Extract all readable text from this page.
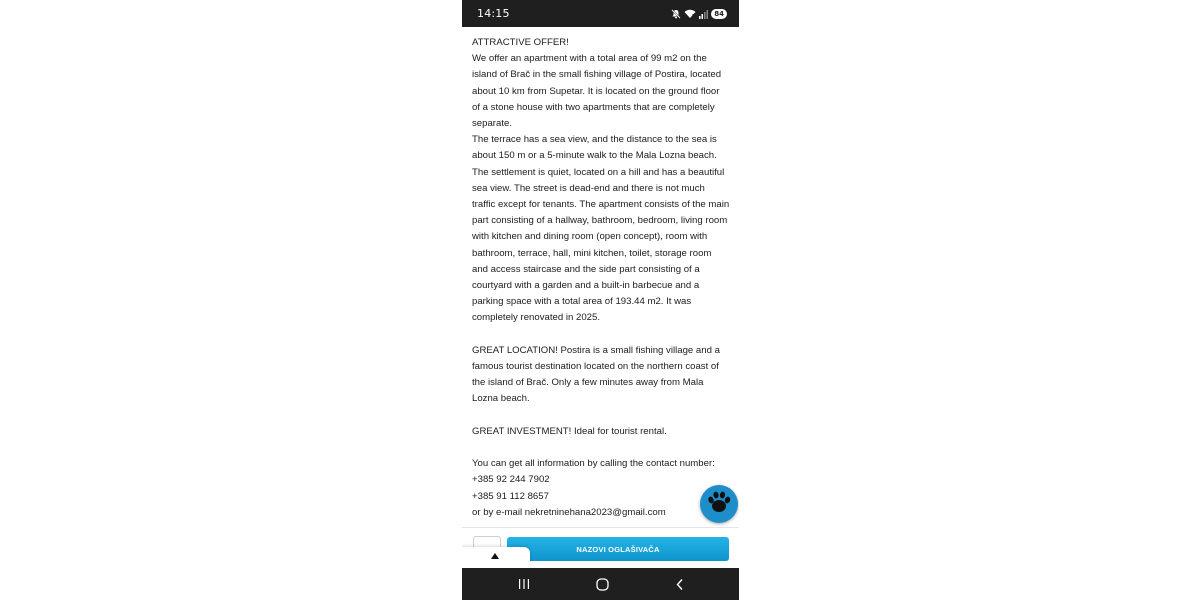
14:15	84

ATTRACTIVE OFFER!
We offer an apartment with a total area of 99 m2 on the island of Brač in the small fishing village of Postira, located about 10 km from Supetar. It is located on the ground floor of a stone house with two apartments that are completely separate.
The terrace has a sea view, and the distance to the sea is about 150 m or a 5-minute walk to the Mala Lozna beach. The settlement is quiet, located on a hill and has a beautiful sea view. The street is dead-end and there is not much traffic except for tenants. The apartment consists of the main part consisting of a hallway, bathroom, bedroom, living room with kitchen and dining room (open concept), room with bathroom, terrace, hall, mini kitchen, toilet, storage room and access staircase and the side part consisting of a courtyard with a garden and a built-in barbecue and a parking space with a total area of 193.44 m2. It was completely renovated in 2025.

GREAT LOCATION! Postira is a small fishing village and a famous tourist destination located on the northern coast of the island of Brač. Only a few minutes away from Mala Lozna beach.

GREAT INVESTMENT! Ideal for tourist rental.

You can get all information by calling the contact number:

+385 92 244 7902

+385 91 112 8657

or by e-mail nekretninehana2023@gmail.com

NAZOVI OGLAŠIVAČA
